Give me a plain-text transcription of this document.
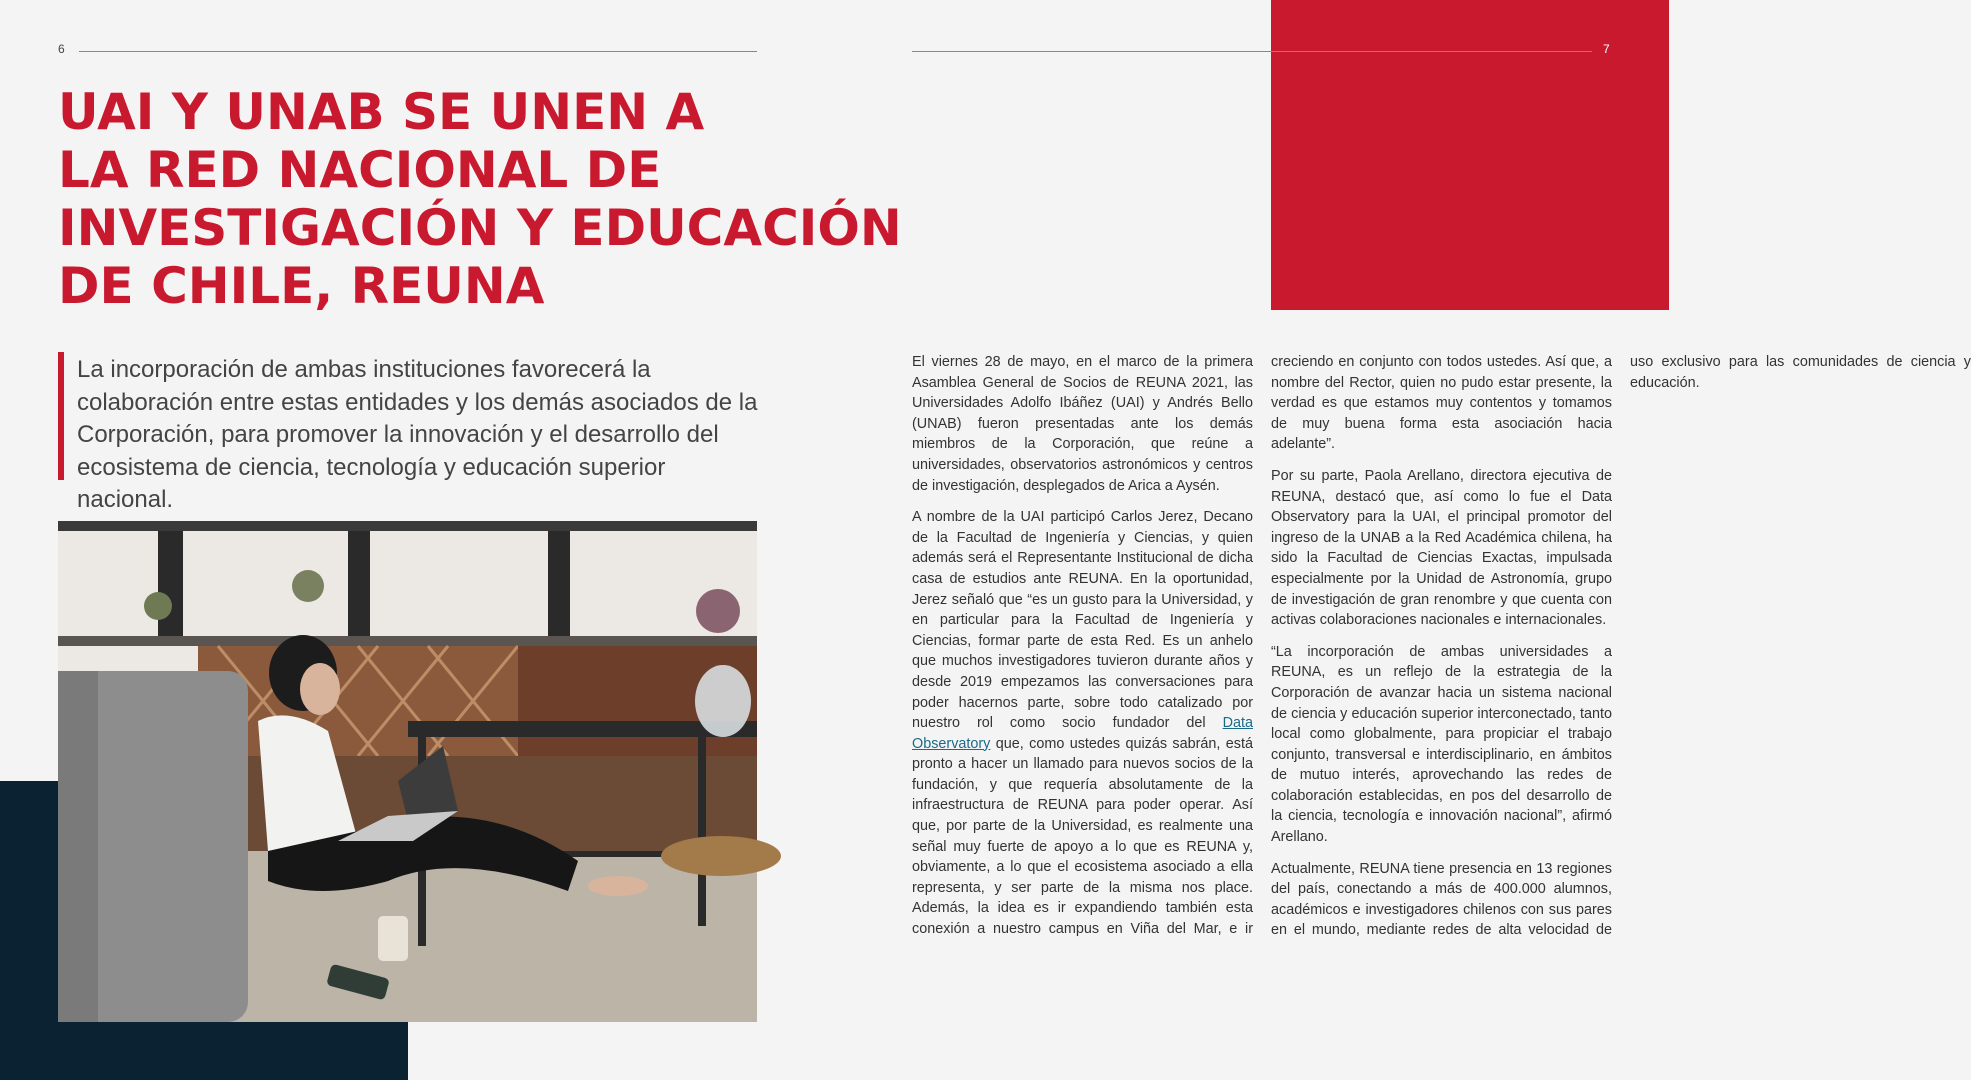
6	7
UAI Y UNAB SE UNEN A
LA RED NACIONAL DE
INVESTIGACIÓN Y EDUCACIÓN
DE CHILE, REUNA

La incorporación de ambas instituciones favorecerá la colaboración entre estas entidades y los demás asociados de la Corporación, para promover la innovación y el desarrollo del ecosistema de ciencia, tecnología y educación superior nacional.

El viernes 28 de mayo, en el marco de la primera Asamblea General de Socios de REUNA 2021, las Universidades Adolfo Ibáñez (UAI) y Andrés Bello (UNAB) fueron presentadas ante los demás miembros de la Corporación, que reúne a universidades, observatorios astronómicos y centros de investigación, desplegados de Arica a Aysén.

A nombre de la UAI participó Carlos Jerez, Decano de la Facultad de Ingeniería y Ciencias, y quien además será el Representante Institucional de dicha casa de estudios ante REUNA. En la oportunidad, Jerez señaló que “es un gusto para la Universidad, y en particular para la Facultad de Ingeniería y Ciencias, formar parte de esta Red. Es un anhelo que muchos investigadores tuvieron durante años y desde 2019 empezamos las conversaciones para poder hacernos parte, sobre todo catalizado por nuestro rol como socio fundador del Data Observatory que, como ustedes quizás sabrán, está pronto a hacer un llamado para nuevos socios de la fundación, y que requería absolutamente de la infraestructura de REUNA para poder operar. Así que, por parte de la Universidad, es realmente una señal muy fuerte de apoyo a lo que es REUNA y, obviamente, a lo que el ecosistema asociado a ella representa, y ser parte de la misma nos place. Además, la idea es ir expandiendo también esta conexión a nuestro campus en Viña del Mar, e ir creciendo en conjunto con todos ustedes. Así que, a nombre del Rector, quien no pudo estar presente, la verdad es que estamos muy contentos y tomamos de muy buena forma esta asociación hacia adelante”.

Por su parte, Paola Arellano, directora ejecutiva de REUNA, destacó que, así como lo fue el Data Observatory para la UAI, el principal promotor del ingreso de la UNAB a la Red Académica chilena, ha sido la Facultad de Ciencias Exactas, impulsada especialmente por la Unidad de Astronomía, grupo de investigación de gran renombre y que cuenta con activas colaboraciones nacionales e internacionales.

“La incorporación de ambas universidades a REUNA, es un reflejo de la estrategia de la Corporación de avanzar hacia un sistema nacional de ciencia y educación superior interconectado, tanto local como globalmente, para propiciar el trabajo conjunto, transversal e interdisciplinario, en ámbitos de mutuo interés, aprovechando las redes de colaboración establecidas, en pos del desarrollo de la ciencia, tecnología e innovación nacional”, afirmó Arellano.

Actualmente, REUNA tiene presencia en 13 regiones del país, conectando a más de 400.000 alumnos, académicos e investigadores chilenos con sus pares en el mundo, mediante redes de alta velocidad de uso exclusivo para las comunidades de ciencia y educación.
